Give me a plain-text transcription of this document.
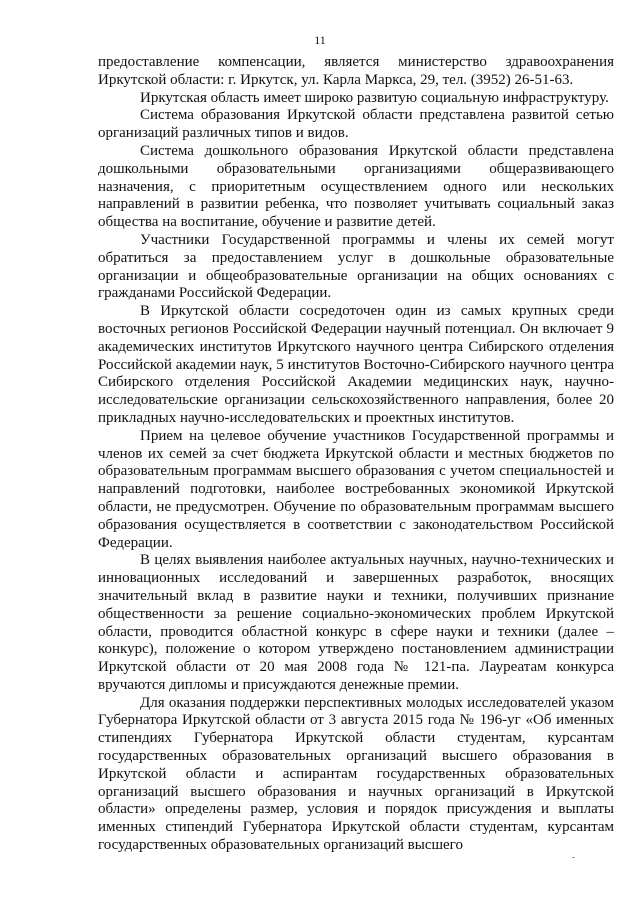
11

предоставление компенсации, является министерство здравоохранения Иркутской области: г. Иркутск, ул. Карла Маркса, 29, тел. (3952) 26-51-63.

Иркутская область имеет широко развитую социальную инфраструктуру.

Система образования Иркутской области представлена развитой сетью организаций различных типов и видов.

Система дошкольного образования Иркутской области представлена дошкольными образовательными организациями общеразвивающего назначения, с приоритетным осуществлением одного или нескольких направлений в развитии ребенка, что позволяет учитывать социальный заказ общества на воспитание, обучение и развитие детей.

Участники Государственной программы и члены их семей могут обратиться за предоставлением услуг в дошкольные образовательные организации и общеобразовательные организации на общих основаниях с гражданами Российской Федерации.

В Иркутской области сосредоточен один из самых крупных среди восточных регионов Российской Федерации научный потенциал. Он включает 9 академических институтов Иркутского научного центра Сибирского отделения Российской академии наук, 5 институтов Восточно-Сибирского научного центра Сибирского отделения Российской Академии медицинских наук, научно-исследовательские организации сельскохозяйственного направления, более 20 прикладных научно-исследовательских и проектных институтов.

Прием на целевое обучение участников Государственной программы и членов их семей за счет бюджета Иркутской области и местных бюджетов по образовательным программам высшего образования с учетом специальностей и направлений подготовки, наиболее востребованных экономикой Иркутской области, не предусмотрен. Обучение по образовательным программам высшего образования осуществляется в соответствии с законодательством Российской Федерации.

В целях выявления наиболее актуальных научных, научно-технических и инновационных исследований и завершенных разработок, вносящих значительный вклад в развитие науки и техники, получивших признание общественности за решение социально-экономических проблем Иркутской области, проводится областной конкурс в сфере науки и техники (далее – конкурс), положение о котором утверждено постановлением администрации Иркутской области от 20 мая 2008 года № 121-па. Лауреатам конкурса вручаются дипломы и присуждаются денежные премии.

Для оказания поддержки перспективных молодых исследователей указом Губернатора Иркутской области от 3 августа 2015 года № 196-уг «Об именных стипендиях Губернатора Иркутской области студентам, курсантам государственных образовательных организаций высшего образования в Иркутской области и аспирантам государственных образовательных организаций высшего образования и научных организаций в Иркутской области» определены размер, условия и порядок присуждения и выплаты именных стипендий Губернатора Иркутской области студентам, курсантам государственных образовательных организаций высшего
